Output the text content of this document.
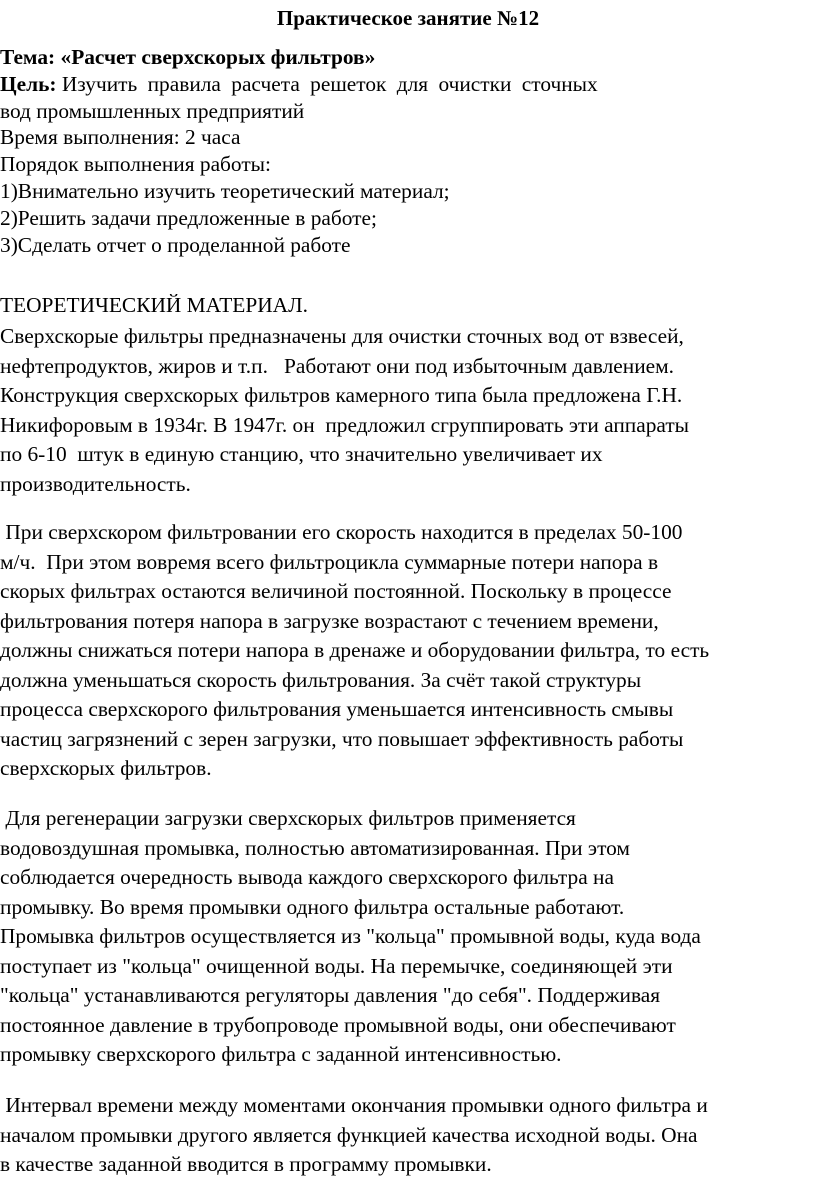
Практическое занятие №12
Тема: «Расчет сверхскорых фильтров»
Цель: Изучить правила расчета решеток для очистки сточных
вод промышленных предприятий
Время выполнения: 2 часа
Порядок выполнения работы:
1)Внимательно изучить теоретический материал;
2)Решить задачи предложенные в работе;
3)Сделать отчет о проделанной работе
ТЕОРЕТИЧЕСКИЙ МАТЕРИАЛ.
Сверхскорые фильтры предназначены для очистки сточных вод от взвесей,
нефтепродуктов, жиров и т.п.   Работают они под избыточным давлением.
Конструкция сверхскорых фильтров камерного типа была предложена Г.Н.
Никифоровым в 1934г. В 1947г. он  предложил сгруппировать эти аппараты
по 6-10  штук в единую станцию, что значительно увеличивает их
производительность.
При сверхскором фильтровании его скорость находится в пределах 50-100
м/ч.  При этом вовремя всего фильтроцикла суммарные потери напора в
скорых фильтрах остаются величиной постоянной. Поскольку в процессе
фильтрования потеря напора в загрузке возрастают с течением времени,
должны снижаться потери напора в дренаже и оборудовании фильтра, то есть
должна уменьшаться скорость фильтрования. За счёт такой структуры
процесса сверхскорого фильтрования уменьшается интенсивность смывы
частиц загрязнений с зерен загрузки, что повышает эффективность работы
сверхскорых фильтров.
Для регенерации загрузки сверхскорых фильтров применяется
водовоздушная промывка, полностью автоматизированная. При этом
соблюдается очередность вывода каждого сверхскорого фильтра на
промывку. Во время промывки одного фильтра остальные работают.
Промывка фильтров осуществляется из "кольца" промывной воды, куда вода
поступает из "кольца" очищенной воды. На перемычке, соединяющей эти
"кольца" устанавливаются регуляторы давления "до себя". Поддерживая
постоянное давление в трубопроводе промывной воды, они обеспечивают
промывку сверхскорого фильтра с заданной интенсивностью.
Интервал времени между моментами окончания промывки одного фильтра и
началом промывки другого является функцией качества исходной воды. Она
в качестве заданной вводится в программу промывки.
